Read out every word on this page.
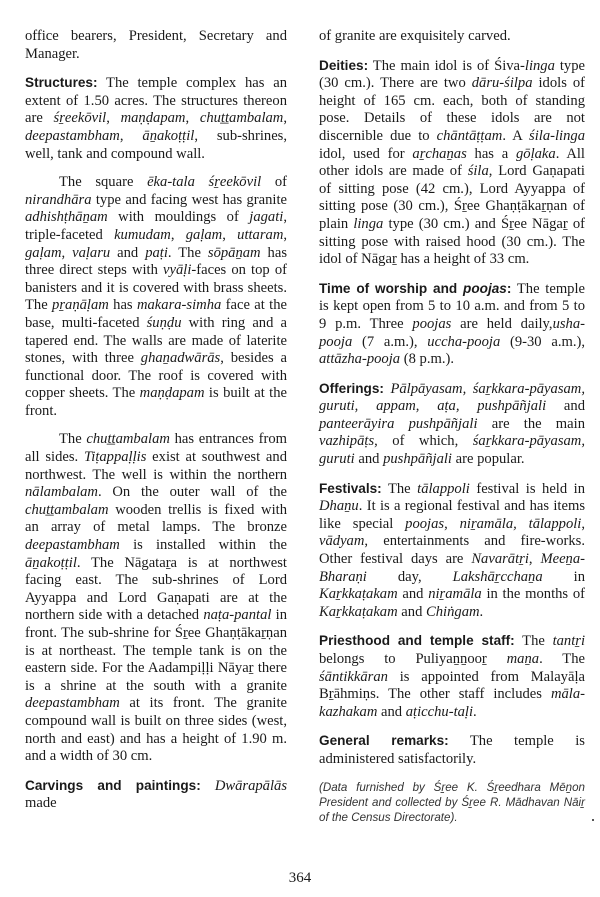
office bearers, President, Secretary and Manager.

Structures: The temple complex has an extent of 1.50 acres. The structures thereon are śṟeekōvil, maṇḍapam, chuṯṯambalam, deepastambham, āṉakoṭṭil, sub-shrines, well, tank and compound wall.

The square ēka-tala śṟeekōvil of nirandhāra type and facing west has granite adhishṭhāṉam with mouldings of jagati, triple-faceted kumudam, gaḷam, uttaram, gaḷam, vaḷaru and paṭi. The sōpāṉam has three direct steps with vyāḷi-faces on top of banisters and it is covered with brass sheets. The pṟaṇāḷam has makara-simha face at the base, multi-faceted śuṇḍu with ring and a tapered end. The walls are made of laterite stones, with three ghaṉadwārās, besides a functional door. The roof is covered with copper sheets. The maṇḍapam is built at the front.

The chuṯṯambalam has entrances from all sides. Tiṭappaḷḷis exist at southwest and northwest. The well is within the northern nālambalam. On the outer wall of the chuṯṯambalam wooden trellis is fixed with an array of metal lamps. The bronze deepastambham is installed within the āṉakoṭṭil. The Nāgataṟa is at northwest facing east. The sub-shrines of Lord Ayyappa and Lord Gaṇapati are at the northern side with a detached naṭa-pantal in front. The sub-shrine for Śṟee Ghaṇṭākaṟṇan is at northeast. The temple tank is on the eastern side. For the Aadampiḷḷi Nāyaṟ there is a shrine at the south with a granite deepastambham at its front. The granite compound wall is built on three sides (west, north and east) and has a height of 1.90 m. and a width of 30 cm.

Carvings and paintings: Dwārapālās made

of granite are exquisitely carved.

Deities: The main idol is of Śiva-linga type (30 cm.). There are two dāru-śilpa idols of height of 165 cm. each, both of standing pose. Details of these idols are not discernible due to chāntāṭṭam. A śila-linga idol, used for aṟchaṉas has a gōḷaka. All other idols are made of śila, Lord Gaṇapati of sitting pose (42 cm.), Lord Ayyappa of sitting pose (30 cm.), Śṟee Ghaṇṭākaṟṇan of plain linga type (30 cm.) and Śṟee Nāgaṟ of sitting pose with raised hood (30 cm.). The idol of Nāgaṟ has a height of 33 cm.

Time of worship and poojas: The temple is kept open from 5 to 10 a.m. and from 5 to 9 p.m. Three poojas are held daily,usha-pooja (7 a.m.), uccha-pooja (9-30 a.m.), attāzha-pooja (8 p.m.).

Offerings: Pālpāyasam, śaṟkkara-pāyasam, guruti, appam, aṭa, pushpāñjali and panteerāyira pushpāñjali are the main vazhipāṭs, of which, śaṟkkara-pāyasam, guruti and pushpāñjali are popular.

Festivals: The tālappoli festival is held in Dhaṉu. It is a regional festival and has items like special poojas, niṟamāla, tālappoli, vādyam, entertainments and fire-works. Other festival days are Navarātṟi, Meeṉa-Bharaṇi day, Lakshāṟcchaṉa in Kaṟkkaṭakam and niṟamāla in the months of Kaṟkkaṭakam and Chiṅgam.

Priesthood and temple staff: The tantṟi belongs to Puliyaṉṉooṟ maṉa. The śāntikkāran is appointed from Malayāḷa Bṟāhmiṇs. The other staff includes māla-kazhakam and aṭicchu-taḷi.

General remarks: The temple is administered satisfactorily.

(Data furnished by Śṟee K. Śṟeedhara Mēṉon President and collected by Śṟee R. Mādhavan Nāiṟ of the Census Directorate).

364
